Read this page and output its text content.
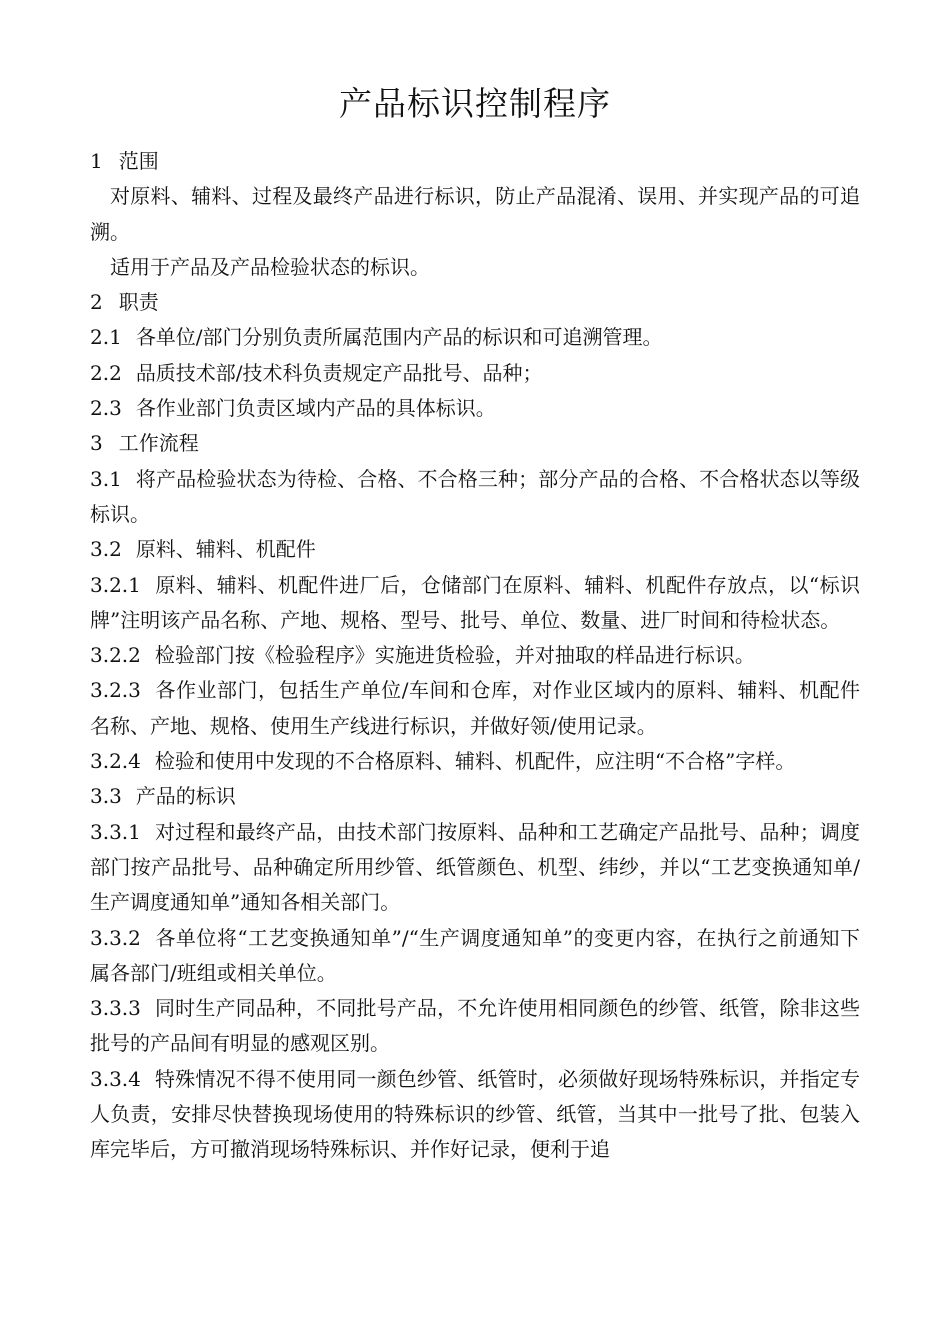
产品标识控制程序

1 范围

对原料、辅料、过程及最终产品进行标识，防止产品混淆、误用、并实现产品的可追溯。

适用于产品及产品检验状态的标识。

2 职责

2.1 各单位/部门分别负责所属范围内产品的标识和可追溯管理。

2.2 品质技术部/技术科负责规定产品批号、品种；

2.3 各作业部门负责区域内产品的具体标识。

3 工作流程

3.1 将产品检验状态为待检、合格、不合格三种；部分产品的合格、不合格状态以等级标识。

3.2 原料、辅料、机配件

3.2.1 原料、辅料、机配件进厂后，仓储部门在原料、辅料、机配件存放点，以“标识牌”注明该产品名称、产地、规格、型号、批号、单位、数量、进厂时间和待检状态。

3.2.2 检验部门按《检验程序》实施进货检验，并对抽取的样品进行标识。

3.2.3 各作业部门，包括生产单位/车间和仓库，对作业区域内的原料、辅料、机配件名称、产地、规格、使用生产线进行标识，并做好领/使用记录。

3.2.4 检验和使用中发现的不合格原料、辅料、机配件，应注明“不合格”字样。

3.3 产品的标识

3.3.1 对过程和最终产品，由技术部门按原料、品种和工艺确定产品批号、品种；调度部门按产品批号、品种确定所用纱管、纸管颜色、机型、纬纱，并以“工艺变换通知单/生产调度通知单”通知各相关部门。

3.3.2 各单位将“工艺变换通知单”/“生产调度通知单”的变更内容，在执行之前通知下属各部门/班组或相关单位。

3.3.3 同时生产同品种，不同批号产品，不允许使用相同颜色的纱管、纸管，除非这些批号的产品间有明显的感观区别。

3.3.4 特殊情况不得不使用同一颜色纱管、纸管时，必须做好现场特殊标识，并指定专人负责，安排尽快替换现场使用的特殊标识的纱管、纸管，当其中一批号了批、包装入库完毕后，方可撤消现场特殊标识、并作好记录，便利于追
